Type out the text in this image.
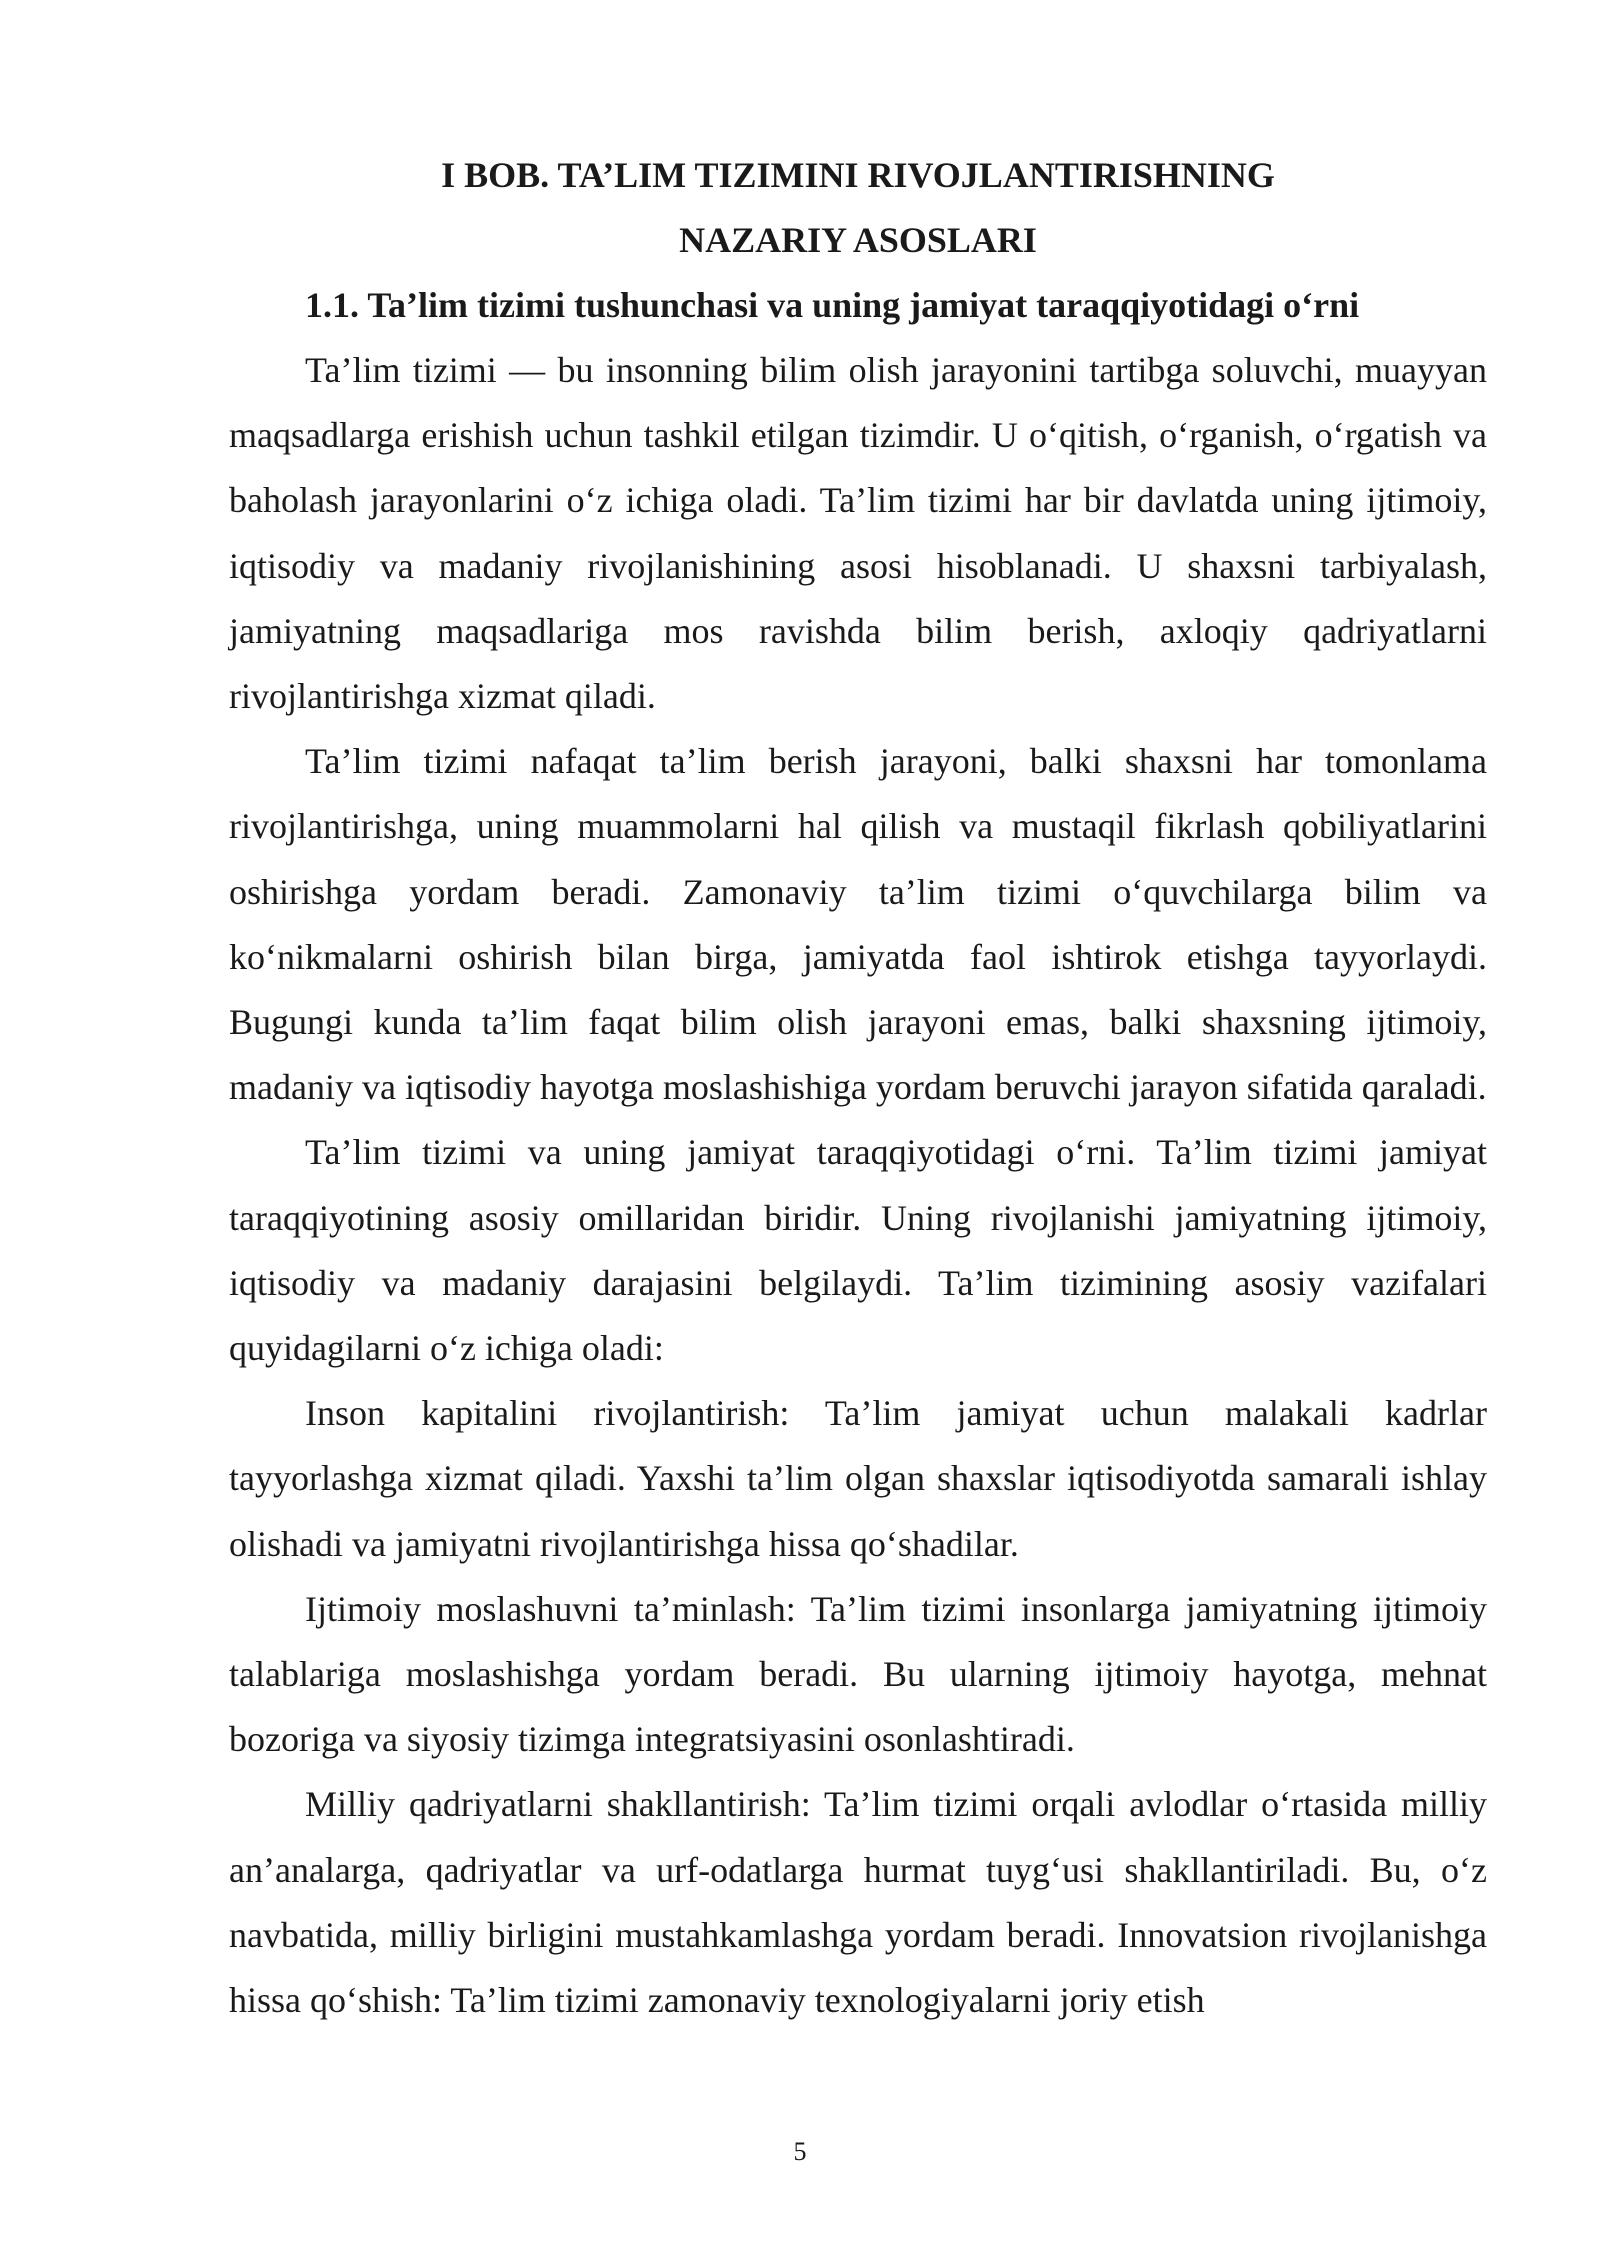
I BOB. TA’LIM TIZIMINI RIVOJLANTIRISHNING NAZARIY ASOSLARI
1.1. Ta’lim tizimi tushunchasi va uning jamiyat taraqqiyotidagi o‘rni

Ta’lim tizimi — bu insonning bilim olish jarayonini tartibga soluvchi, muayyan maqsadlarga erishish uchun tashkil etilgan tizimdir. U o‘qitish, o‘rganish, o‘rgatish va baholash jarayonlarini o‘z ichiga oladi. Ta’lim tizimi har bir davlatda uning ijtimoiy, iqtisodiy va madaniy rivojlanishining asosi hisoblanadi. U shaxsni tarbiyalash, jamiyatning maqsadlariga mos ravishda bilim berish, axloqiy qadriyatlarni rivojlantirishga xizmat qiladi.

Ta’lim tizimi nafaqat ta’lim berish jarayoni, balki shaxsni har tomonlama rivojlantirishga, uning muammolarni hal qilish va mustaqil fikrlash qobiliyatlarini oshirishga yordam beradi. Zamonaviy ta’lim tizimi o‘quvchilarga bilim va ko‘nikmalarni oshirish bilan birga, jamiyatda faol ishtirok etishga tayyorlaydi. Bugungi kunda ta’lim faqat bilim olish jarayoni emas, balki shaxsning ijtimoiy, madaniy va iqtisodiy hayotga moslashishiga yordam beruvchi jarayon sifatida qaraladi.

Ta’lim tizimi va uning jamiyat taraqqiyotidagi o‘rni. Ta’lim tizimi jamiyat taraqqiyotining asosiy omillaridan biridir. Uning rivojlanishi jamiyatning ijtimoiy, iqtisodiy va madaniy darajasini belgilaydi. Ta’lim tizimining asosiy vazifalari quyidagilarni o‘z ichiga oladi:

Inson kapitalini rivojlantirish: Ta’lim jamiyat uchun malakali kadrlar tayyorlashga xizmat qiladi. Yaxshi ta’lim olgan shaxslar iqtisodiyotda samarali ishlay olishadi va jamiyatni rivojlantirishga hissa qo‘shadilar.

Ijtimoiy moslashuvni ta’minlash: Ta’lim tizimi insonlarga jamiyatning ijtimoiy talablariga moslashishga yordam beradi. Bu ularning ijtimoiy hayotga, mehnat bozoriga va siyosiy tizimga integratsiyasini osonlashtiradi.

Milliy qadriyatlarni shakllantirish: Ta’lim tizimi orqali avlodlar o‘rtasida milliy an’analarga, qadriyatlar va urf-odatlarga hurmat tuyg‘usi shakllantiriladi. Bu, o‘z navbatida, milliy birligini mustahkamlashga yordam beradi. Innovatsion rivojlanishga hissa qo‘shish: Ta’lim tizimi zamonaviy texnologiyalarni joriy etish

5
